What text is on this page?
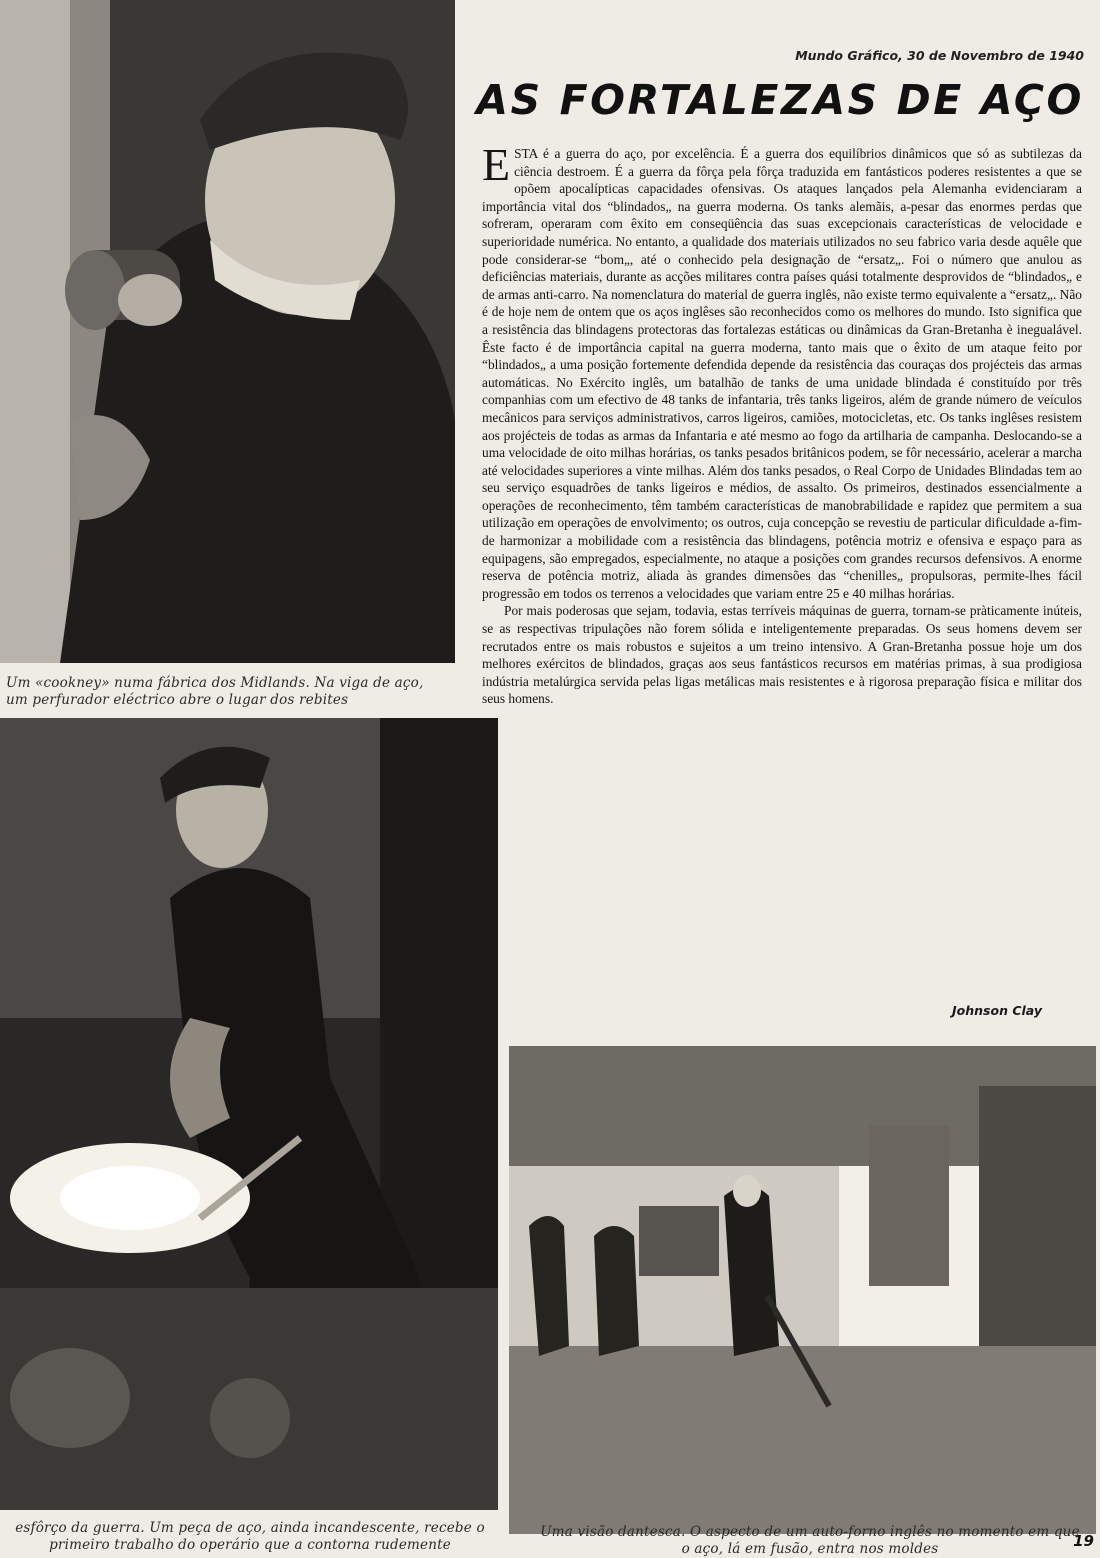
Um «cookney» numa fábrica dos Midlands. Na viga de aço, um perfurador eléctrico abre o lugar dos rebites
esfôrço da guerra. Um peça de aço, ainda incandescente, recebe o primeiro trabalho do operário que a contorna rudemente
Uma visão dantesca. O aspecto de um auto-forno inglês no momento em que o aço, lá em fusão, entra nos moldes
Mundo Gráfico, 30 de Novembro de 1940
AS FORTALEZAS DE AÇO

ESTA é a guerra do aço, por excelência. É a guerra dos equilíbrios dinâmicos que só as subtilezas da ciência destroem. É a guerra da fôrça pela fôrça traduzida em fantásticos poderes resistentes a que se opõem apocalípticas capacidades ofensivas. Os ataques lançados pela Alemanha evidenciaram a importância vital dos “blindados„ na guerra moderna. Os tanks alemãis, a-pesar das enormes perdas que sofreram, operaram com êxito em conseqüência das suas excepcionais características de velocidade e superioridade numérica. No entanto, a qualidade dos materiais utilizados no seu fabrico varia desde aquêle que pode considerar-se “bom„, até o conhecido pela designação de “ersatz„. Foi o número que anulou as deficiências materiais, durante as acções militares contra países quási totalmente desprovidos de “blindados„ e de armas anti-carro. Na nomenclatura do material de guerra inglês, não existe termo equivalente a “ersatz„. Não é de hoje nem de ontem que os aços inglêses são reconhecidos como os melhores do mundo. Isto significa que a resistência das blindagens protectoras das fortalezas estáticas ou dinâmicas da Gran-Bretanha è inegualável. Êste facto é de importância capital na guerra moderna, tanto mais que o êxito de um ataque feito por “blindados„ a uma posição fortemente defendida depende da resistência das couraças dos projécteis das armas automáticas. No Exército inglês, um batalhão de tanks de uma unidade blindada é constituído por três companhias com um efectivo de 48 tanks de infantaria, três tanks ligeiros, além de grande número de veículos mecânicos para serviços administrativos, carros ligeiros, camiões, motocicletas, etc. Os tanks inglêses resistem aos projécteis de todas as armas da Infantaria e até mesmo ao fogo da artilharia de campanha. Deslocando-se a uma velocidade de oito milhas horárias, os tanks pesados britânicos podem, se fôr necessário, acelerar a marcha até velocidades superiores a vinte milhas. Além dos tanks pesados, o Real Corpo de Unidades Blindadas tem ao seu serviço esquadrões de tanks ligeiros e médios, de assalto. Os primeiros, destinados essencialmente a operações de reconhecimento, têm também características de manobrabilidade e rapidez que permitem a sua utilização em operações de envolvimento; os outros, cuja concepção se revestiu de particular dificuldade a-fim-de harmonizar a mobilidade com a resistência das blindagens, potência motriz e ofensiva e espaço para as equipagens, são empregados, especialmente, no ataque a posições com grandes recursos defensivos. A enorme reserva de potência motriz, aliada às grandes dimensões das “chenilles„ propulsoras, permite-lhes fácil progressão em todos os terrenos a velocidades que variam entre 25 e 40 milhas horárias.

Por mais poderosas que sejam, todavia, estas terríveis máquinas de guerra, tornam-se pràticamente inúteis, se as respectivas tripulações não forem sólida e inteligentemente preparadas. Os seus homens devem ser recrutados entre os mais robustos e sujeitos a um treino intensivo. A Gran-Bretanha possue hoje um dos melhores exércitos de blindados, graças aos seus fantásticos recursos em matérias primas, à sua prodigiosa indústria metalúrgica servida pelas ligas metálicas mais resistentes e à rigorosa preparação física e militar dos seus homens.

Johnson Clay
19
